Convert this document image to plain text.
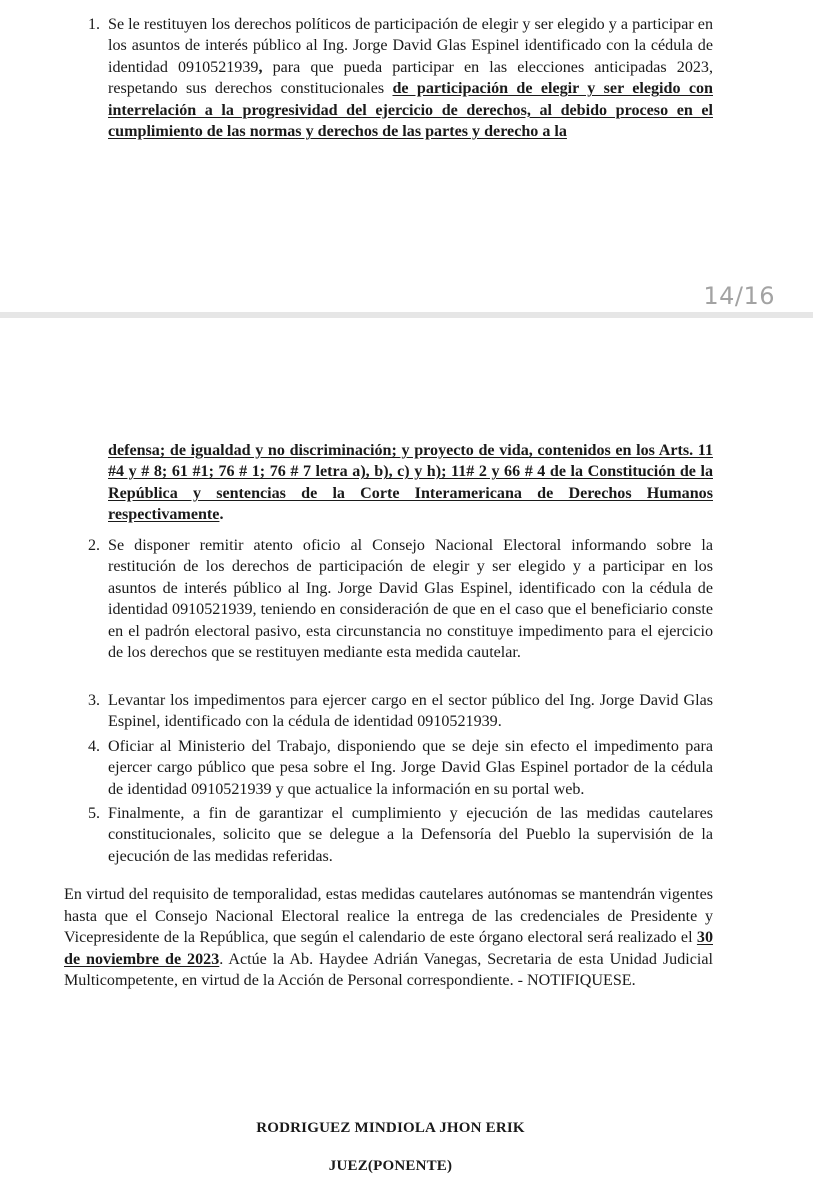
1. Se le restituyen los derechos políticos de participación de elegir y ser elegido y a participar en los asuntos de interés público al Ing. Jorge David Glas Espinel identificado con la cédula de identidad 0910521939, para que pueda participar en las elecciones anticipadas 2023, respetando sus derechos constitucionales de participación de elegir y ser elegido con interrelación a la progresividad del ejercicio de derechos, al debido proceso en el cumplimiento de las normas y derechos de las partes y derecho a la

14/16

defensa; de igualdad y no discriminación; y proyecto de vida, contenidos en los Arts. 11 #4 y # 8; 61 #1; 76 # 1; 76 # 7 letra a), b), c) y h); 11# 2 y 66 # 4 de la Constitución de la República y sentencias de la Corte Interamericana de Derechos Humanos respectivamente.

2. Se disponer remitir atento oficio al Consejo Nacional Electoral informando sobre la restitución de los derechos de participación de elegir y ser elegido y a participar en los asuntos de interés público al Ing. Jorge David Glas Espinel, identificado con la cédula de identidad 0910521939, teniendo en consideración de que en el caso que el beneficiario conste en el padrón electoral pasivo, esta circunstancia no constituye impedimento para el ejercicio de los derechos que se restituyen mediante esta medida cautelar.

3. Levantar los impedimentos para ejercer cargo en el sector público del Ing. Jorge David Glas Espinel, identificado con la cédula de identidad 0910521939.

4. Oficiar al Ministerio del Trabajo, disponiendo que se deje sin efecto el impedimento para ejercer cargo público que pesa sobre el Ing. Jorge David Glas Espinel portador de la cédula de identidad 0910521939 y que actualice la información en su portal web.

5. Finalmente, a fin de garantizar el cumplimiento y ejecución de las medidas cautelares constitucionales, solicito que se delegue a la Defensoría del Pueblo la supervisión de la ejecución de las medidas referidas.

En virtud del requisito de temporalidad, estas medidas cautelares autónomas se mantendrán vigentes hasta que el Consejo Nacional Electoral realice la entrega de las credenciales de Presidente y Vicepresidente de la República, que según el calendario de este órgano electoral será realizado el 30 de noviembre de 2023. Actúe la Ab. Haydee Adrián Vanegas, Secretaria de esta Unidad Judicial Multicompetente, en virtud de la Acción de Personal correspondiente. - NOTIFIQUESE.

RODRIGUEZ MINDIOLA JHON ERIK
JUEZ(PONENTE)
